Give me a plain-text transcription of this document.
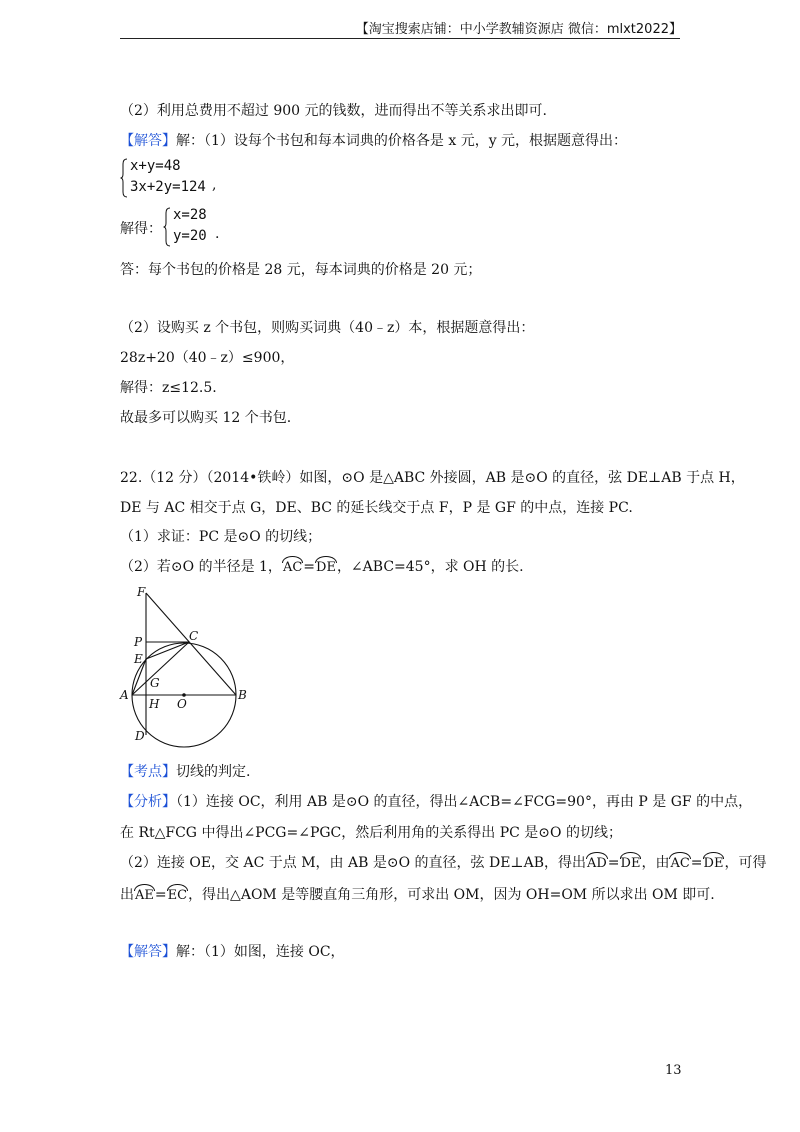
【淘宝搜索店铺：中小学教辅资源店 微信：mlxt2022】
（2）利用总费用不超过 900 元的钱数，进而得出不等关系求出即可.
【解答】解：（1）设每个书包和每本词典的价格各是 x 元，y 元，根据题意得出：
x+y=48
3x+2y=124 ,
解得：
x=28
y=20 .
答：每个书包的价格是 28 元，每本词典的价格是 20 元；
（2）设购买 z 个书包，则购买词典（40﹣z）本，根据题意得出：
28z+20（40﹣z）≤900，
解得：z≤12.5.
故最多可以购买 12 个书包.
22.（12 分）（2014•铁岭）如图，⊙O 是△ABC 外接圆，AB 是⊙O 的直径，弦 DE⊥AB 于点 H，
DE 与 AC 相交于点 G，DE、BC 的延长线交于点 F，P 是 GF 的中点，连接 PC.
（1）求证：PC 是⊙O 的切线；
（2）若⊙O 的半径是 1，AC=DE，∠ABC=45°，求 OH 的长.
F
P	C
E
G
A
H O
B
D
【考点】切线的判定.
【分析】（1）连接 OC，利用 AB 是⊙O 的直径，得出∠ACB=∠FCG=90°，再由 P 是 GF 的中点，
在 Rt△FCG 中得出∠PCG=∠PGC，然后利用角的关系得出 PC 是⊙O 的切线；
（2）连接 OE，交 AC 于点 M，由 AB 是⊙O 的直径，弦 DE⊥AB，得出AD=DE，由AC=DE，可得
出AE=EC，得出△AOM 是等腰直角三角形，可求出 OM，因为 OH=OM 所以求出 OM 即可.
【解答】解：（1）如图，连接 OC，
13
